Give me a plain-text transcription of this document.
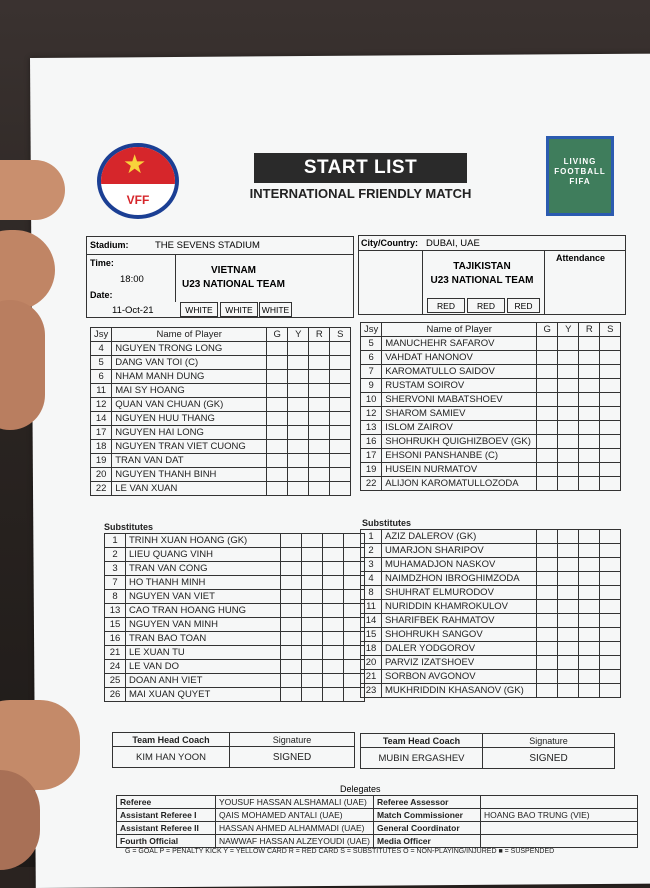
★
VFF
START LIST
INTERNATIONAL FRIENDLY MATCH
LIVING FOOTBALL FIFA
Stadium:	THE SEVENS STADIUM
Time:
18:00
Date:
11-Oct-21
VIETNAM
U23 NATIONAL TEAM
WHITE	WHITE	WHITE
City/Country: DUBAI, UAE
TAJIKISTAN
U23 NATIONAL TEAM
Attendance
RED	RED	RED
Jsy	Name of Player	G	Y	R	S
4	NGUYEN TRONG LONG				
5	DANG VAN TOI (C)				
6	NHAM MANH DUNG				
11	MAI SY HOANG				
12	QUAN VAN CHUAN (GK)				
14	NGUYEN HUU THANG				
17	NGUYEN HAI LONG				
18	NGUYEN TRAN VIET CUONG				
19	TRAN VAN DAT				
20	NGUYEN THANH BINH				
22	LE VAN XUAN				
Jsy	Name of Player	G	Y	R	S
5	MANUCHEHR SAFAROV				
6	VAHDAT HANONOV				
7	KAROMATULLO SAIDOV				
9	RUSTAM SOIROV				
10	SHERVONI MABATSHOEV				
12	SHAROM SAMIEV				
13	ISLOM ZAIROV				
16	SHOHRUKH QUIGHIZBOEV (GK)				
17	EHSONI PANSHANBE (C)				
19	HUSEIN NURMATOV				
22	ALIJON KAROMATULLOZODA				
Substitutes	Substitutes
1	TRINH XUAN HOANG (GK)				
2	LIEU QUANG VINH				
3	TRAN VAN CONG				
7	HO THANH MINH				
8	NGUYEN VAN VIET				
13	CAO TRAN HOANG HUNG				
15	NGUYEN VAN MINH				
16	TRAN BAO TOAN				
21	LE XUAN TU				
24	LE VAN DO				
25	DOAN ANH VIET				
26	MAI XUAN QUYET				
1	AZIZ DALEROV (GK)				
2	UMARJON SHARIPOV				
3	MUHAMADJON NASKOV				
4	NAIMDZHON IBROGHIMZODA				
8	SHUHRAT ELMURODOV				
11	NURIDDIN KHAMROKULOV				
14	SHARIFBEK RAHMATOV				
15	SHOHRUKH SANGOV				
18	DALER YODGOROV				
20	PARVIZ IZATSHOEV				
21	SORBON AVGONOV				
23	MUKHRIDDIN KHASANOV (GK)				
Team Head Coach	Signature
KIM HAN YOON	SIGNED
Team Head Coach	Signature
MUBIN ERGASHEV	SIGNED
Delegates
Referee	YOUSUF HASSAN ALSHAMALI (UAE)	Referee Assessor	
Assistant Referee I	QAIS MOHAMED ANTALI (UAE)	Match Commissioner	HOANG BAO TRUNG (VIE)
Assistant Referee II	HASSAN AHMED ALHAMMADI (UAE)	General Coordinator	
Fourth Official	NAWWAF HASSAN ALZEYOUDI (UAE)	Media Officer	
G = GOAL P = PENALTY KICK Y = YELLOW CARD R = RED CARD S = SUBSTITUTES O = NON-PLAYING/INJURED ■ = SUSPENDED
